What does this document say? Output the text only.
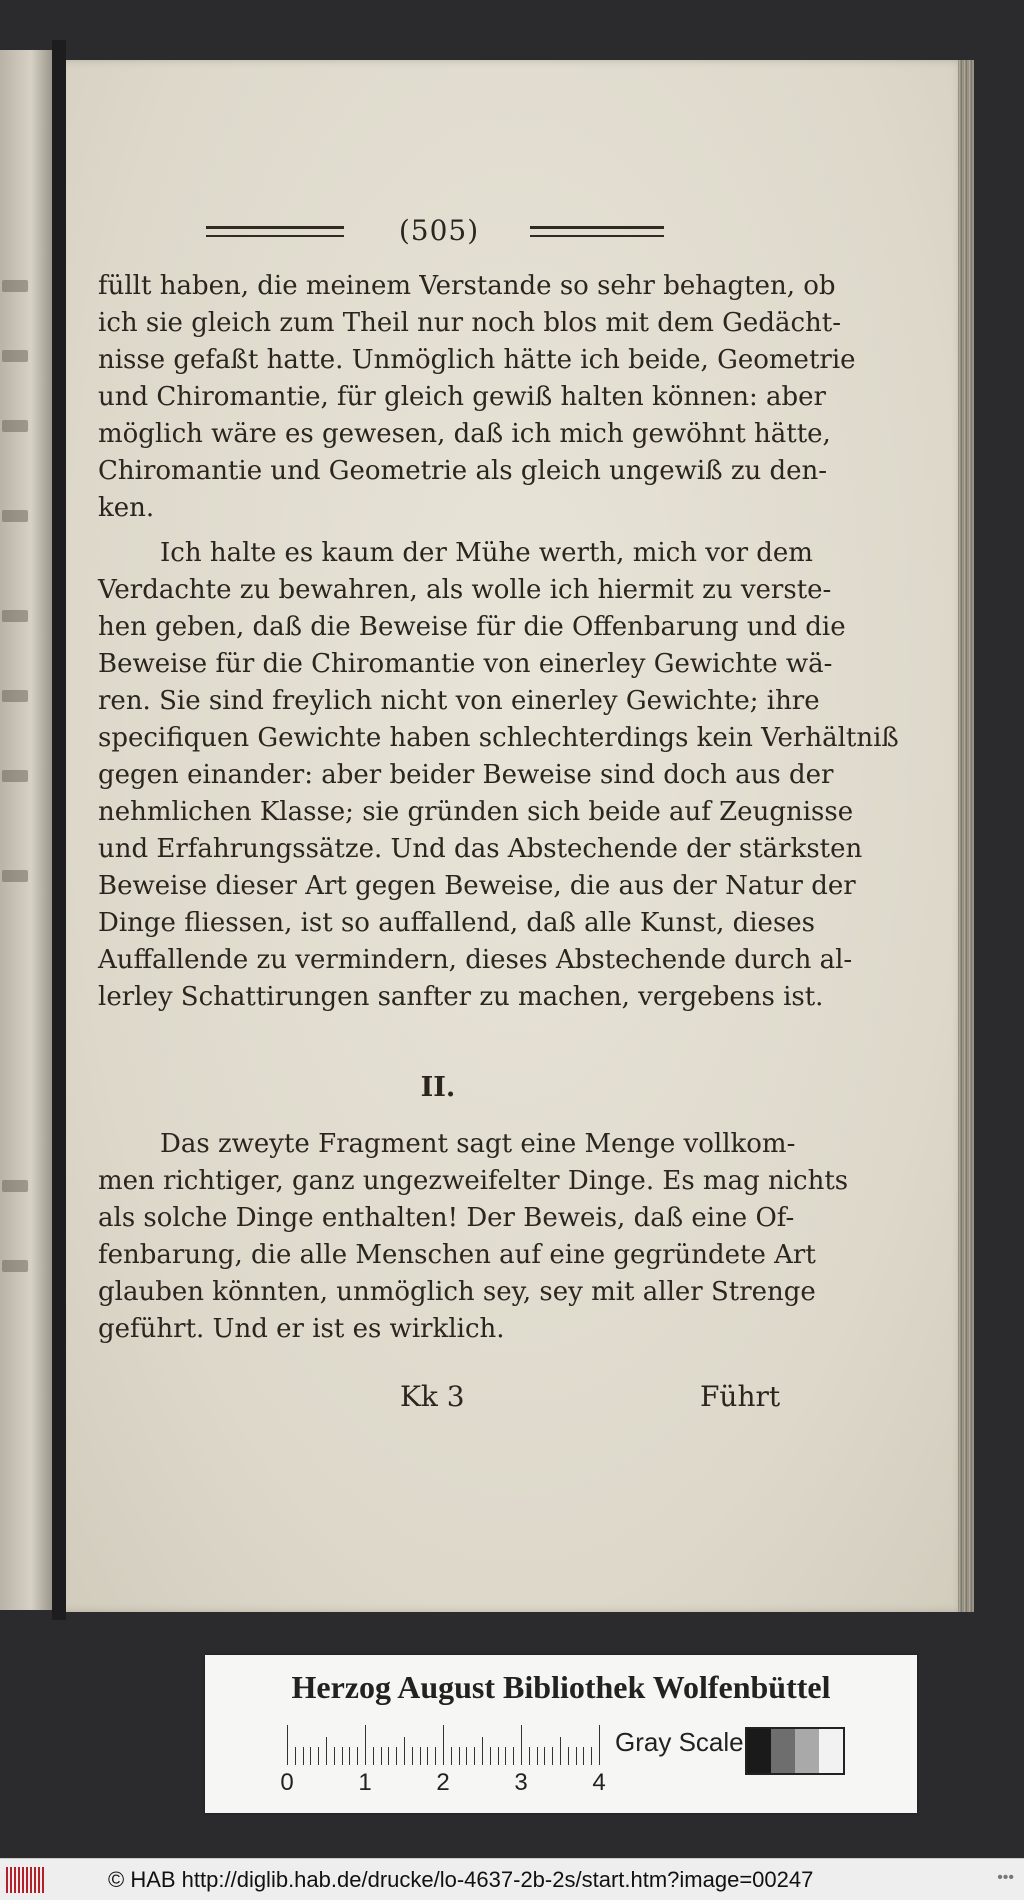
(505)
füllt haben, die meinem Verstande so sehr behagten, ob
ich sie gleich zum Theil nur noch blos mit dem Gedächt-
nisse gefaßt hatte. Unmöglich hätte ich beide, Geometrie
und Chiromantie, für gleich gewiß halten können: aber
möglich wäre es gewesen, daß ich mich gewöhnt hätte,
Chiromantie und Geometrie als gleich ungewiß zu den-
ken.
Ich halte es kaum der Mühe werth, mich vor dem
Verdachte zu bewahren, als wolle ich hiermit zu verste-
hen geben, daß die Beweise für die Offenbarung und die
Beweise für die Chiromantie von einerley Gewichte wä-
ren. Sie sind freylich nicht von einerley Gewichte; ihre
specifiquen Gewichte haben schlechterdings kein Verhältniß
gegen einander: aber beider Beweise sind doch aus der
nehmlichen Klasse; sie gründen sich beide auf Zeugnisse
und Erfahrungssätze. Und das Abstechende der stärksten
Beweise dieser Art gegen Beweise, die aus der Natur der
Dinge fliessen, ist so auffallend, daß alle Kunst, dieses
Auffallende zu vermindern, dieses Abstechende durch al-
lerley Schattirungen sanfter zu machen, vergebens ist.
II.
Das zweyte Fragment sagt eine Menge vollkom-
men richtiger, ganz ungezweifelter Dinge. Es mag nichts
als solche Dinge enthalten! Der Beweis, daß eine Of-
fenbarung, die alle Menschen auf eine gegründete Art
glauben könnten, unmöglich sey, sey mit aller Strenge
geführt. Und er ist es wirklich.
Kk 3	Führt
Herzog August Bibliothek Wolfenbüttel
0	1	2	3	4
Gray Scale
© HAB http://diglib.hab.de/drucke/lo-4637-2b-2s/start.htm?image=00247	•••
